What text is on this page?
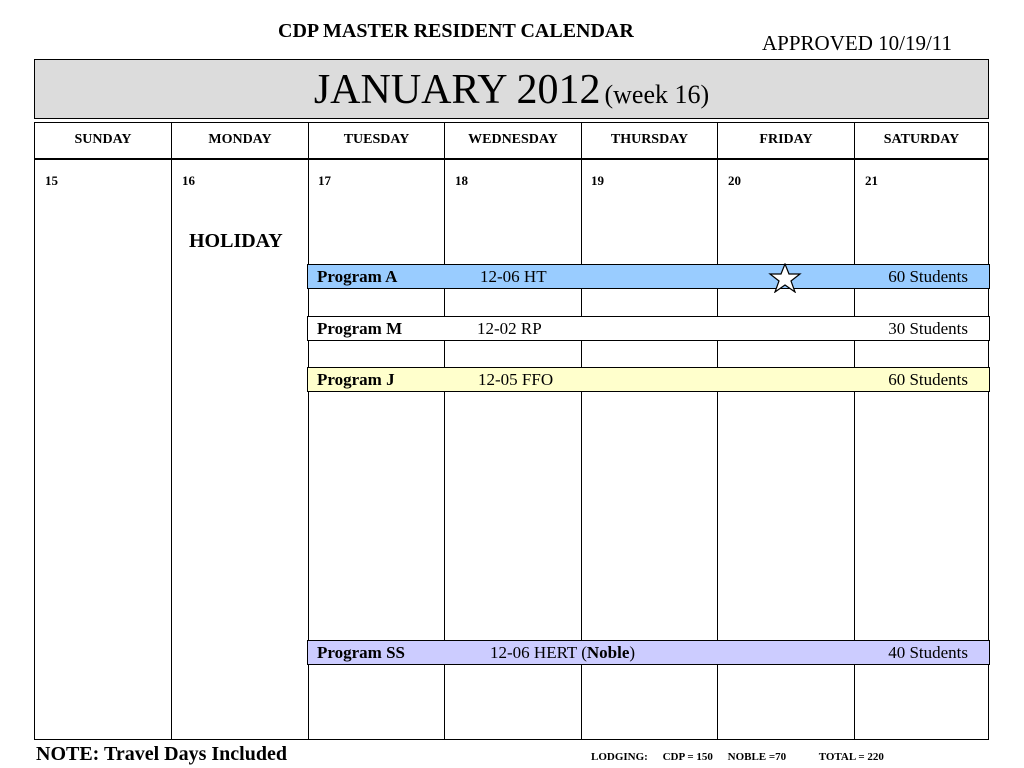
CDP MASTER RESIDENT CALENDAR	APPROVED 10/19/11
JANUARY 2012 (week 16)
SUNDAY	MONDAY	TUESDAY	WEDNESDAY	THURSDAY	FRIDAY	SATURDAY
15	16	17	18	19	20	21
HOLIDAY
Program A	12-06 HT	60 Students
Program M	12-02 RP	30 Students
Program J	12-05 FFO	60 Students
Program SS	12-06 HERT (Noble)	40 Students
NOTE: Travel Days Included	LODGING: CDP = 150 NOBLE =70	TOTAL = 220
